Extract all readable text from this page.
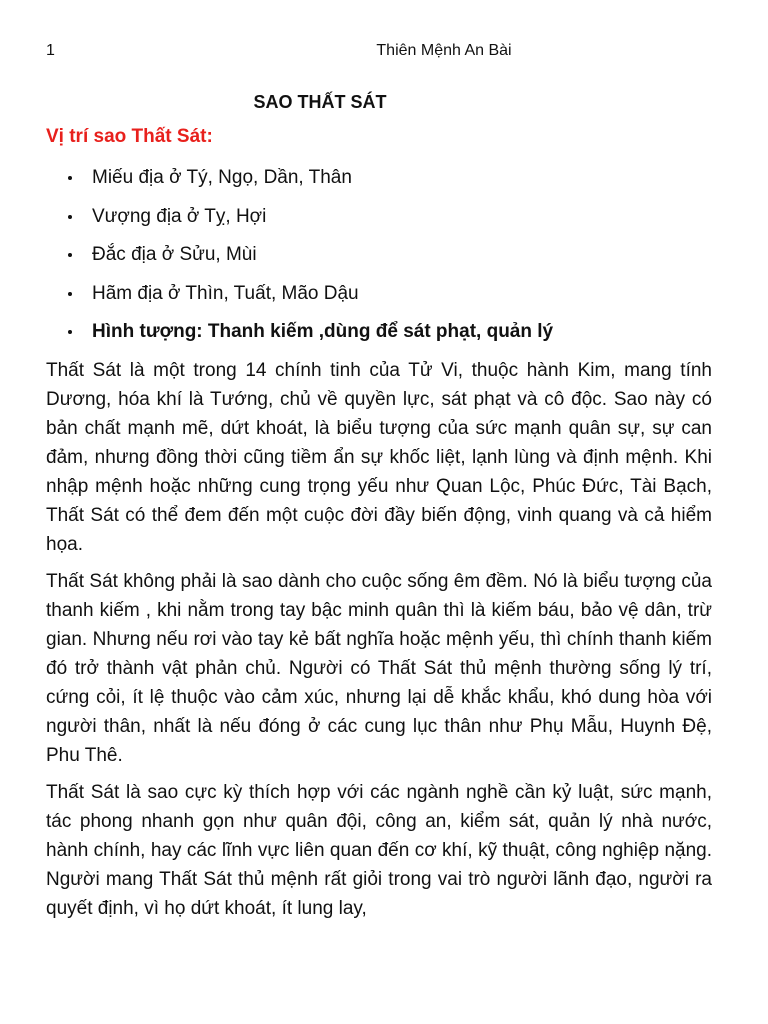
1	Thiên Mệnh An Bài
SAO THẤT SÁT
Vị trí sao Thất Sát:
Miếu địa ở Tý, Ngọ, Dần, Thân
Vượng địa ở Tỵ, Hợi
Đắc địa ở Sửu, Mùi
Hãm địa ở Thìn, Tuất, Mão Dậu
Hình tượng: Thanh kiếm ,dùng để sát phạt, quản lý

Thất Sát là một trong 14 chính tinh của Tử Vi, thuộc hành Kim, mang tính Dương, hóa khí là Tướng, chủ về quyền lực, sát phạt và cô độc. Sao này có bản chất mạnh mẽ, dứt khoát, là biểu tượng của sức mạnh quân sự, sự can đảm, nhưng đồng thời cũng tiềm ẩn sự khốc liệt, lạnh lùng và định mệnh. Khi nhập mệnh hoặc những cung trọng yếu như Quan Lộc, Phúc Đức, Tài Bạch, Thất Sát có thể đem đến một cuộc đời đầy biến động, vinh quang và cả hiểm họa.

Thất Sát không phải là sao dành cho cuộc sống êm đềm. Nó là biểu tượng của thanh kiếm , khi nằm trong tay bậc minh quân thì là kiếm báu, bảo vệ dân, trừ gian. Nhưng nếu rơi vào tay kẻ bất nghĩa hoặc mệnh yếu, thì chính thanh kiếm đó trở thành vật phản chủ. Người có Thất Sát thủ mệnh thường sống lý trí, cứng cỏi, ít lệ thuộc vào cảm xúc, nhưng lại dễ khắc khẩu, khó dung hòa với người thân, nhất là nếu đóng ở các cung lục thân như Phụ Mẫu, Huynh Đệ, Phu Thê.

Thất Sát là sao cực kỳ thích hợp với các ngành nghề cần kỷ luật, sức mạnh, tác phong nhanh gọn như quân đội, công an, kiểm sát, quản lý nhà nước, hành chính, hay các lĩnh vực liên quan đến cơ khí, kỹ thuật, công nghiệp nặng. Người mang Thất Sát thủ mệnh rất giỏi trong vai trò người lãnh đạo, người ra quyết định, vì họ dứt khoát, ít lung lay,
